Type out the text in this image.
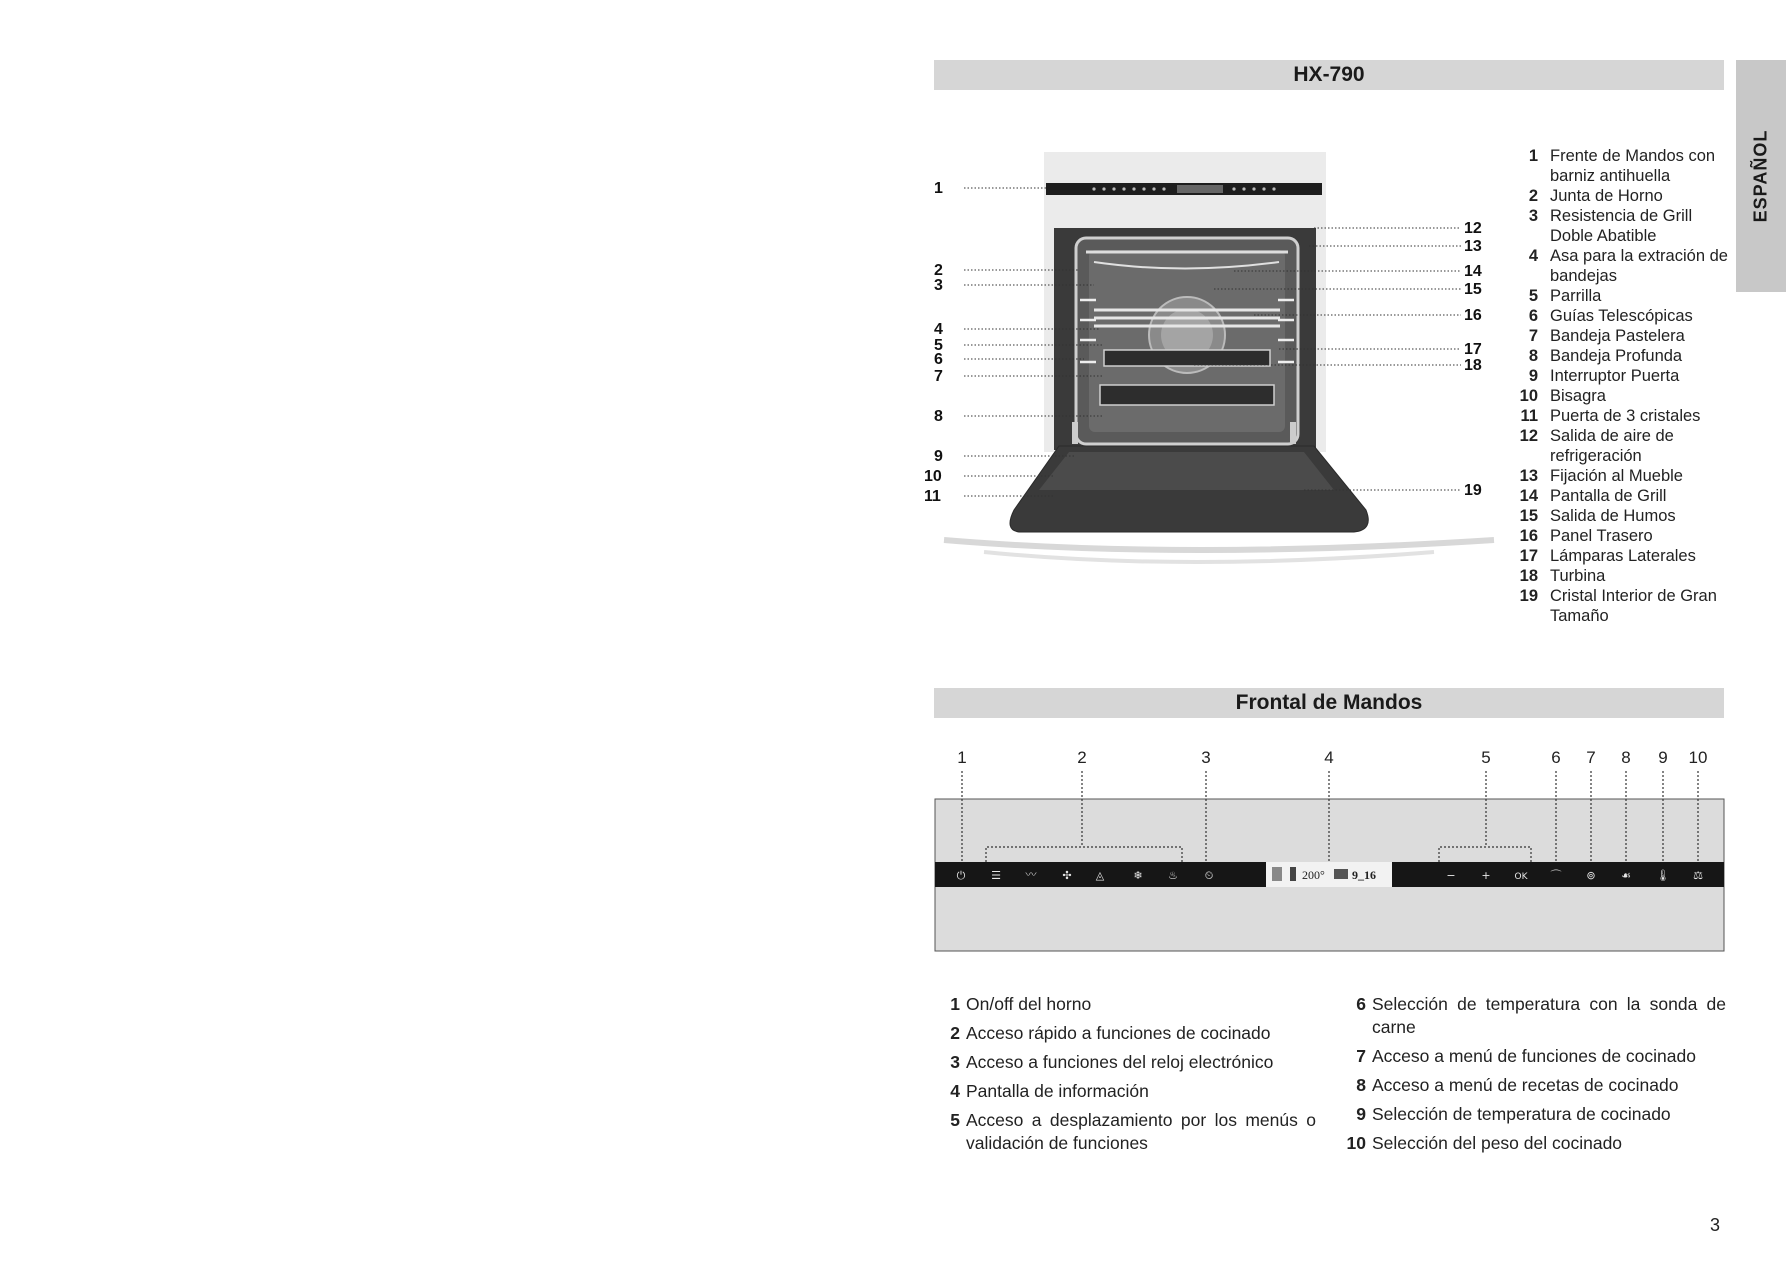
HX-790
ESPAÑOL
1
2
3
4
5
6
7
8
9
10
11
12
13
14
15
16
17
18
19
1 Frente de Mandos con barniz antihuella
2 Junta de Horno
3 Resistencia de Grill Doble Abatible
4 Asa para la extración de bandejas
5 Parrilla
6 Guías Telescópicas
7 Bandeja Pastelera
8 Bandeja Profunda
9 Interruptor Puerta
10 Bisagra
11 Puerta de 3 cristales
12 Salida de aire de refrigeración
13 Fijación al Mueble
14 Pantalla de Grill
15 Salida de Humos
16 Panel Trasero
17 Lámparas Laterales
18 Turbina
19 Cristal Interior de Gran Tamaño
Frontal de Mandos
200° 9_16
⏻ ☰ 〰 ✣ ◬	❄ ♨ ⏲	− +	OK ⌒ ⊚ ☙ 🌡 ⚖
1	2	3	4	5	6 7 8 9 10
1 On/off del horno
2 Acceso rápido a funciones de cocinado
3 Acceso a funciones del reloj electrónico
4 Pantalla de información
5 Acceso a desplazamiento por los menús o validación de funciones
6 Selección de temperatura con la sonda de carne
7 Acceso a menú de funciones de cocinado
8 Acceso a menú de recetas de cocinado
9 Selección de temperatura de cocinado
10 Selección del peso del cocinado
3
